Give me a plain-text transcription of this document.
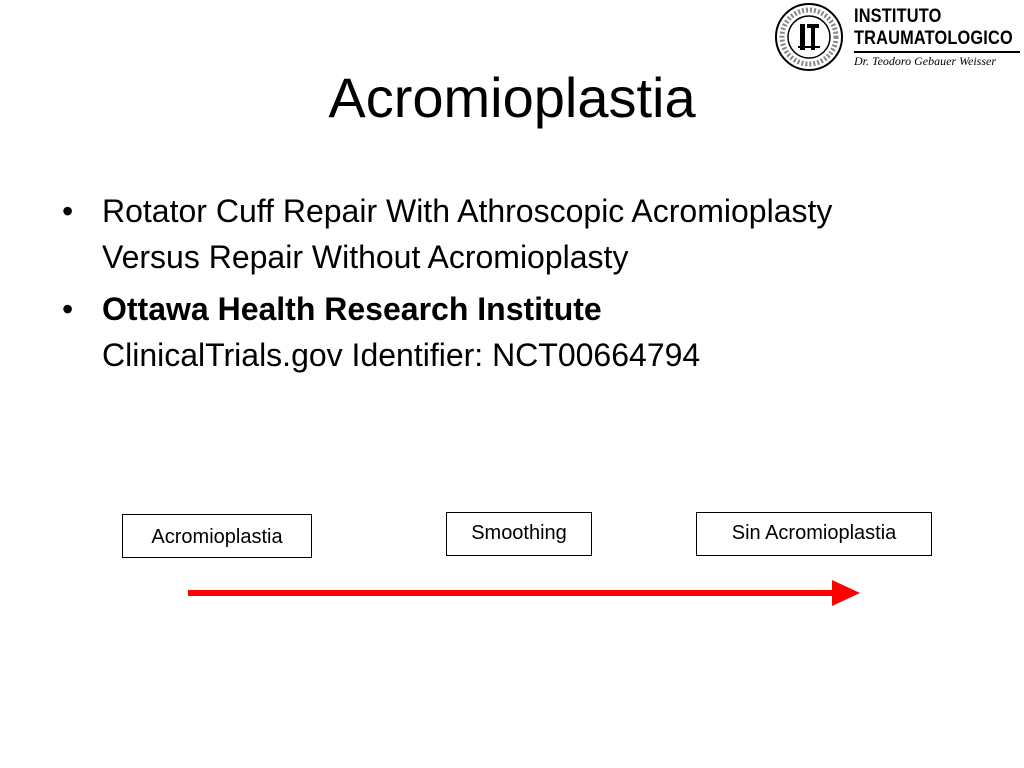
INSTITUTO
TRAUMATOLOGICO
Dr. Teodoro Gebauer Weisser
Acromioplastia
• Rotator Cuff Repair With Athroscopic Acromioplasty Versus Repair Without Acromioplasty
• Ottawa Health Research Institute
ClinicalTrials.gov Identifier: NCT00664794
Acromioplastia	Smoothing	Sin Acromioplastia
